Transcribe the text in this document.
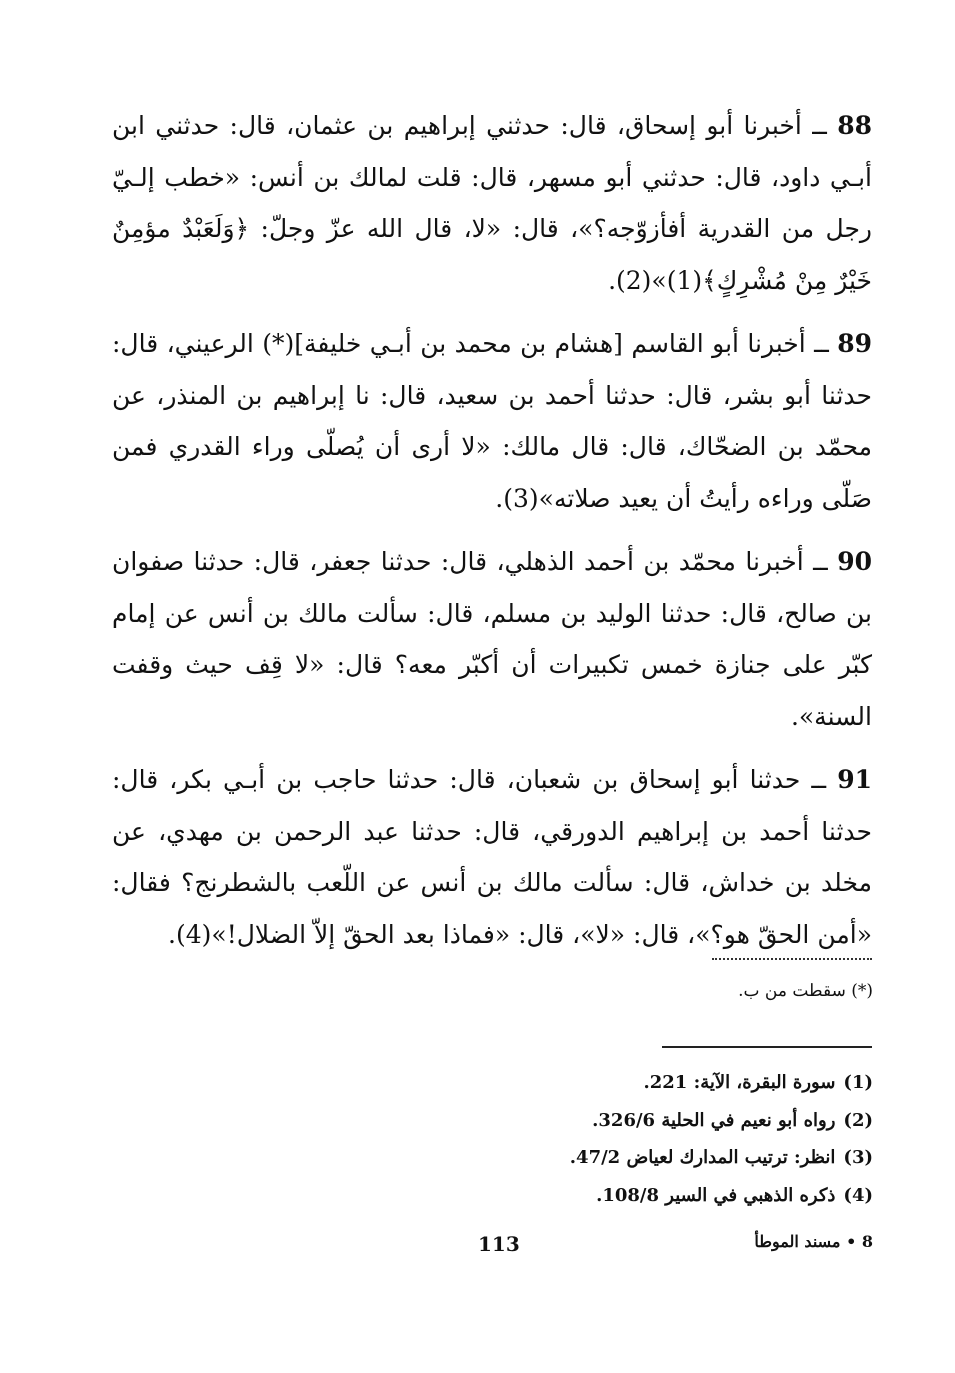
88 ــ أخبرنا أبو إسحاق، قال: حدثني إبراهيم بن عثمان، قال: حدثني ابن أبـي داود، قال: حدثني أبو مسهر، قال: قلت لمالك بن أنس: «خطب إلـيّ رجل من القدرية أفأزوّجه؟»، قال: «لا، قال الله عزّ وجلّ: ﴿وَلَعَبْدٌ مؤمِنٌ خَيْرٌ مِنْ مُشْرِكٍ﴾(1)»(2).

89 ــ أخبرنا أبو القاسم [هشام بن محمد بن أبـي خليفة](*) الرعيني، قال: حدثنا أبو بشر، قال: حدثنا أحمد بن سعيد، قال: نا إبراهيم بن المنذر، عن محمّد بن الضحّاك، قال: قال مالك: «لا أرى أن يُصلّى وراء القدري فمن صَلّى وراءه رأيتُ أن يعيد صلاته»(3).

90 ــ أخبرنا محمّد بن أحمد الذهلي، قال: حدثنا جعفر، قال: حدثنا صفوان بن صالح، قال: حدثنا الوليد بن مسلم، قال: سألت مالك بن أنس عن إمام كبّر على جنازة خمس تكبيرات أن أكبّر معه؟ قال: «لا قِف حيث وقفت السنة».

91 ــ حدثنا أبو إسحاق بن شعبان، قال: حدثنا حاجب بن أبـي بكر، قال: حدثنا أحمد بن إبراهيم الدورقي، قال: حدثنا عبد الرحمن بن مهدي، عن مخلد بن خداش، قال: سألت مالك بن أنس عن اللّعب بالشطرنج؟ فقال: «أمن الحقّ هو؟»، قال: «لا»، قال: «فماذا بعد الحقّ إلاّ الضلال!»(4).

(*) سقطت من ب.
(1)سورة البقرة، الآية: 221.
(2)رواه أبو نعيم في الحلية 326/6.
(3)انظر: ترتيب المدارك لعياض 47/2.
(4)ذكره الذهبي في السير 108/8.
113	8 • مسند الموطأ
